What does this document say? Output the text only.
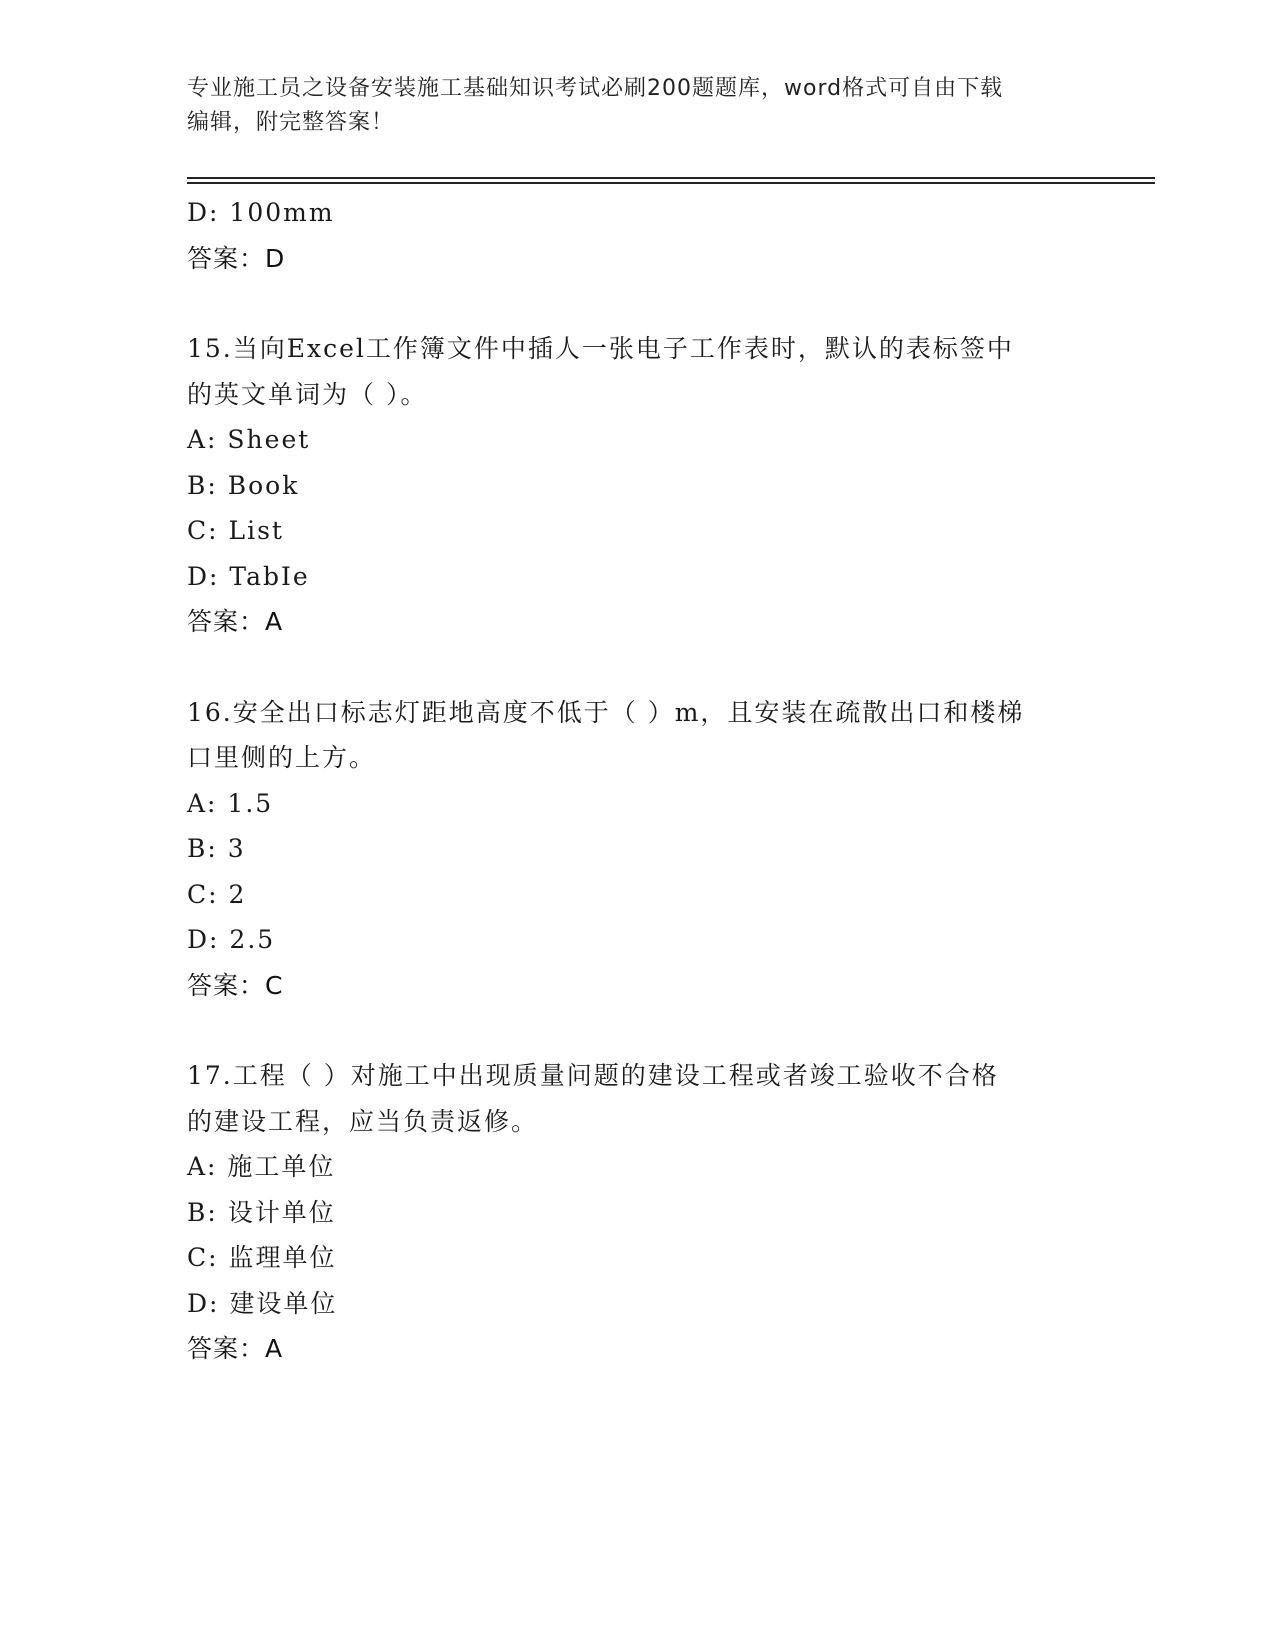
专业施工员之设备安装施工基础知识考试必刷200题题库，word格式可自由下载
编辑，附完整答案！
D: 100mm
答案：D
15.当向Excel工作簿文件中插人一张电子工作表时，默认的表标签中
的英文单词为（ ）。
A: Sheet
B: Book
C: List
D: TabIe
答案：A
16.安全出口标志灯距地高度不低于（ ）m，且安装在疏散出口和楼梯
口里侧的上方。
A: 1.5
B: 3
C: 2
D: 2.5
答案：C
17.工程（ ）对施工中出现质量问题的建设工程或者竣工验收不合格
的建设工程，应当负责返修。
A: 施工单位
B: 设计单位
C: 监理单位
D: 建设单位
答案：A
